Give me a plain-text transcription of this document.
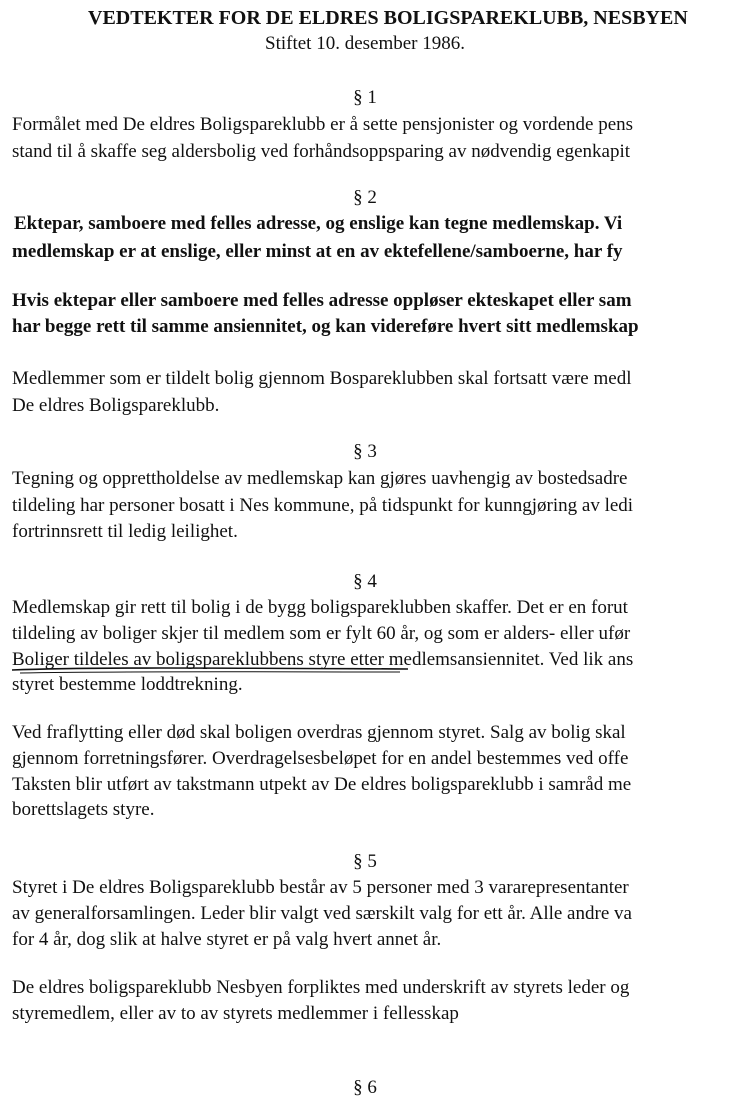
VEDTEKTER FOR DE ELDRES BOLIGSPAREKLUBB, NESBYEN
Stiftet 10. desember 1986.
§ 1
Formålet med De eldres Boligspareklubb er å sette pensjonister og vordende pens
stand til å skaffe seg aldersbolig ved forhåndsoppsparing av nødvendig egenkapit
§ 2
Ektepar, samboere med felles adresse, og enslige kan tegne medlemskap. Vi
medlemskap er at enslige, eller minst at en av ektefellene/samboerne, har fy
Hvis ektepar eller samboere med felles adresse oppløser ekteskapet eller sam
har begge rett til samme ansiennitet, og kan videreføre hvert sitt medlemskap
Medlemmer som er tildelt bolig gjennom Bospareklubben skal fortsatt være medl
De eldres Boligspareklubb.
§ 3
Tegning og opprettholdelse av medlemskap kan gjøres uavhengig av bostedsadre
tildeling har personer bosatt i Nes kommune, på tidspunkt for kunngjøring av ledi
fortrinnsrett til ledig leilighet.
§ 4
Medlemskap gir rett til bolig i de bygg boligspareklubben skaffer. Det er en forut
tildeling av boliger skjer til medlem som er fylt 60 år, og som er alders- eller ufør
Boliger tildeles av boligspareklubbens styre etter medlemsansiennitet. Ved lik ans
styret bestemme loddtrekning.
Ved fraflytting eller død skal boligen overdras gjennom styret. Salg av bolig skal
gjennom forretningsfører. Overdragelsesbeløpet for en andel bestemmes ved offe
Taksten blir utført av takstmann utpekt av De eldres boligspareklubb i samråd me
borettslagets styre.
§ 5
Styret i De eldres Boligspareklubb består av 5 personer med 3 vararepresentanter
av generalforsamlingen. Leder blir valgt ved særskilt valg for ett år. Alle andre va
for 4 år, dog slik at halve styret er på valg hvert annet år.
De eldres boligspareklubb Nesbyen forpliktes med underskrift av styrets leder og
styremedlem, eller av to av styrets medlemmer i fellesskap
§ 6
